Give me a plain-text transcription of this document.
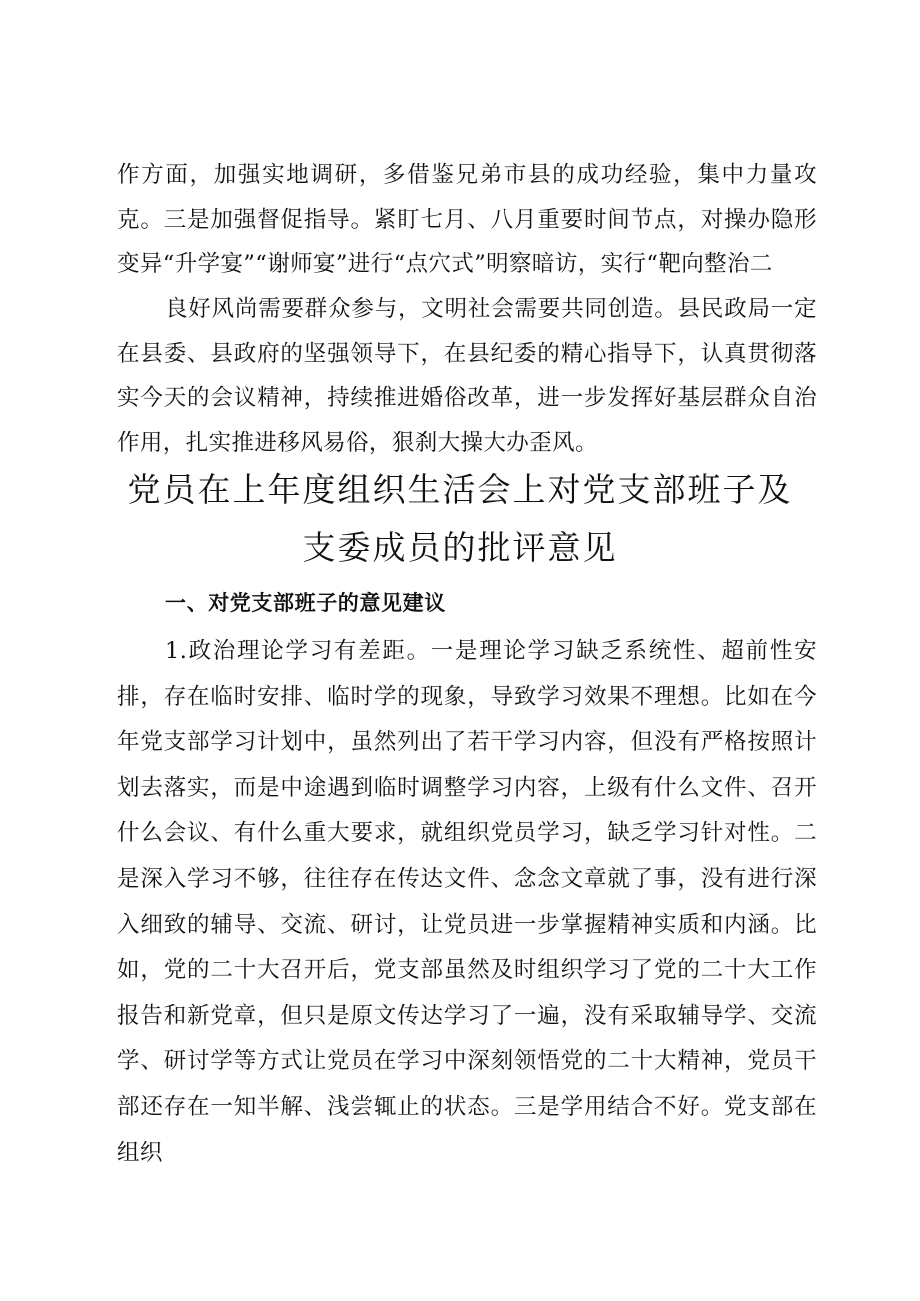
作方面，加强实地调研，多借鉴兄弟市县的成功经验，集中力量攻克。三是加强督促指导。紧盯七月、八月重要时间节点，对操办隐形变异“升学宴”“谢师宴”进行“点穴式”明察暗访，实行“靶向整治二

良好风尚需要群众参与，文明社会需要共同创造。县民政局一定在县委、县政府的坚强领导下，在县纪委的精心指导下，认真贯彻落实今天的会议精神，持续推进婚俗改革，进一步发挥好基层群众自治作用，扎实推进移风易俗，狠刹大操大办歪风。

党员在上年度组织生活会上对党支部班子及
支委成员的批评意见
一、对党支部班子的意见建议

1.政治理论学习有差距。一是理论学习缺乏系统性、超前性安排，存在临时安排、临时学的现象，导致学习效果不理想。比如在今年党支部学习计划中，虽然列出了若干学习内容，但没有严格按照计划去落实，而是中途遇到临时调整学习内容，上级有什么文件、召开什么会议、有什么重大要求，就组织党员学习，缺乏学习针对性。二是深入学习不够，往往存在传达文件、念念文章就了事，没有进行深入细致的辅导、交流、研讨，让党员进一步掌握精神实质和内涵。比如，党的二十大召开后，党支部虽然及时组织学习了党的二十大工作报告和新党章，但只是原文传达学习了一遍，没有采取辅导学、交流学、研讨学等方式让党员在学习中深刻领悟党的二十大精神，党员干部还存在一知半解、浅尝辄止的状态。三是学用结合不好。党支部在组织
